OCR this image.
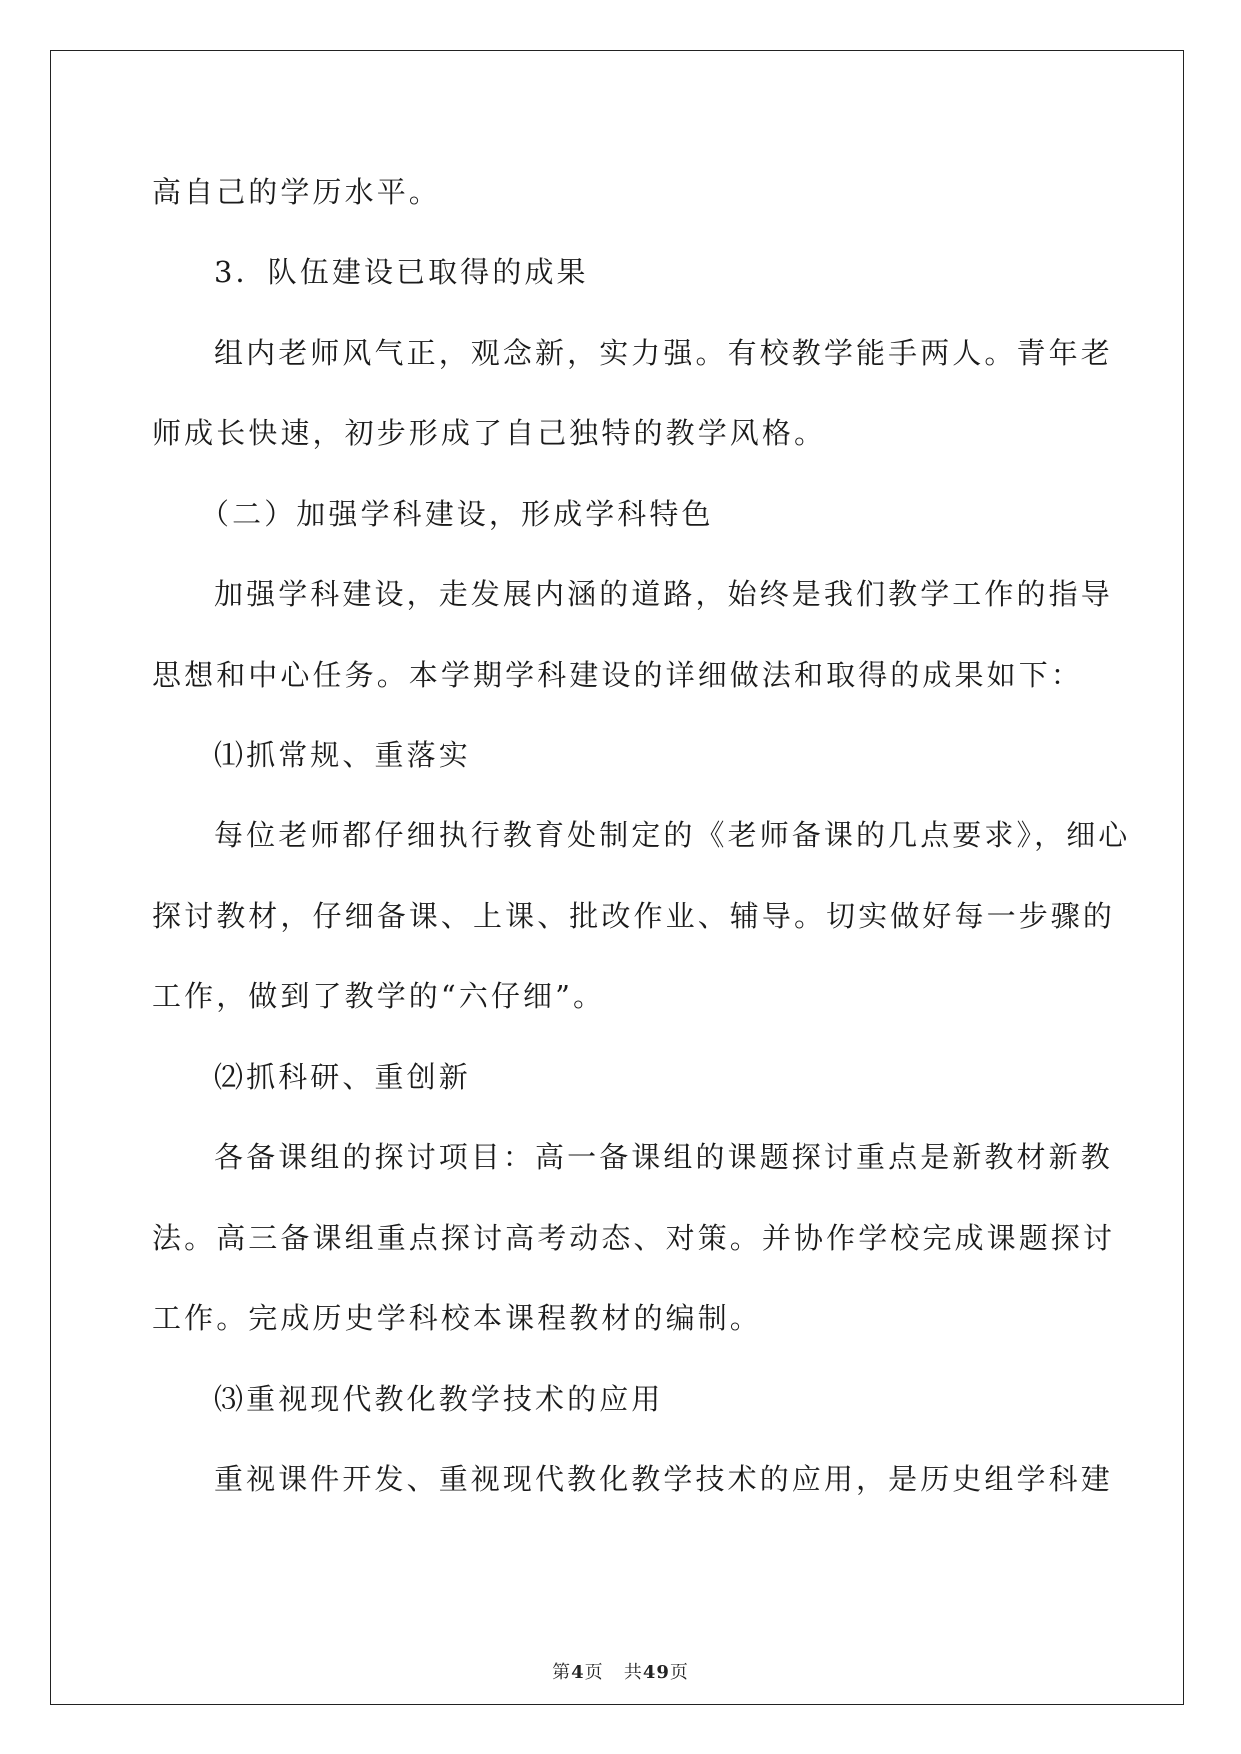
高自己的学历水平。

3．队伍建设已取得的成果

组内老师风气正，观念新，实力强。有校教学能手两人。青年老

师成长快速，初步形成了自己独特的教学风格。

（二）加强学科建设，形成学科特色

加强学科建设，走发展内涵的道路，始终是我们教学工作的指导

思想和中心任务。本学期学科建设的详细做法和取得的成果如下：

⑴抓常规、重落实

每位老师都仔细执行教育处制定的《老师备课的几点要求》，细心

探讨教材，仔细备课、上课、批改作业、辅导。切实做好每一步骤的

工作，做到了教学的“六仔细”。

⑵抓科研、重创新

各备课组的探讨项目：高一备课组的课题探讨重点是新教材新教

法。高三备课组重点探讨高考动态、对策。并协作学校完成课题探讨

工作。完成历史学科校本课程教材的编制。

⑶重视现代教化教学技术的应用

重视课件开发、重视现代教化教学技术的应用，是历史组学科建

第4页 共49页
